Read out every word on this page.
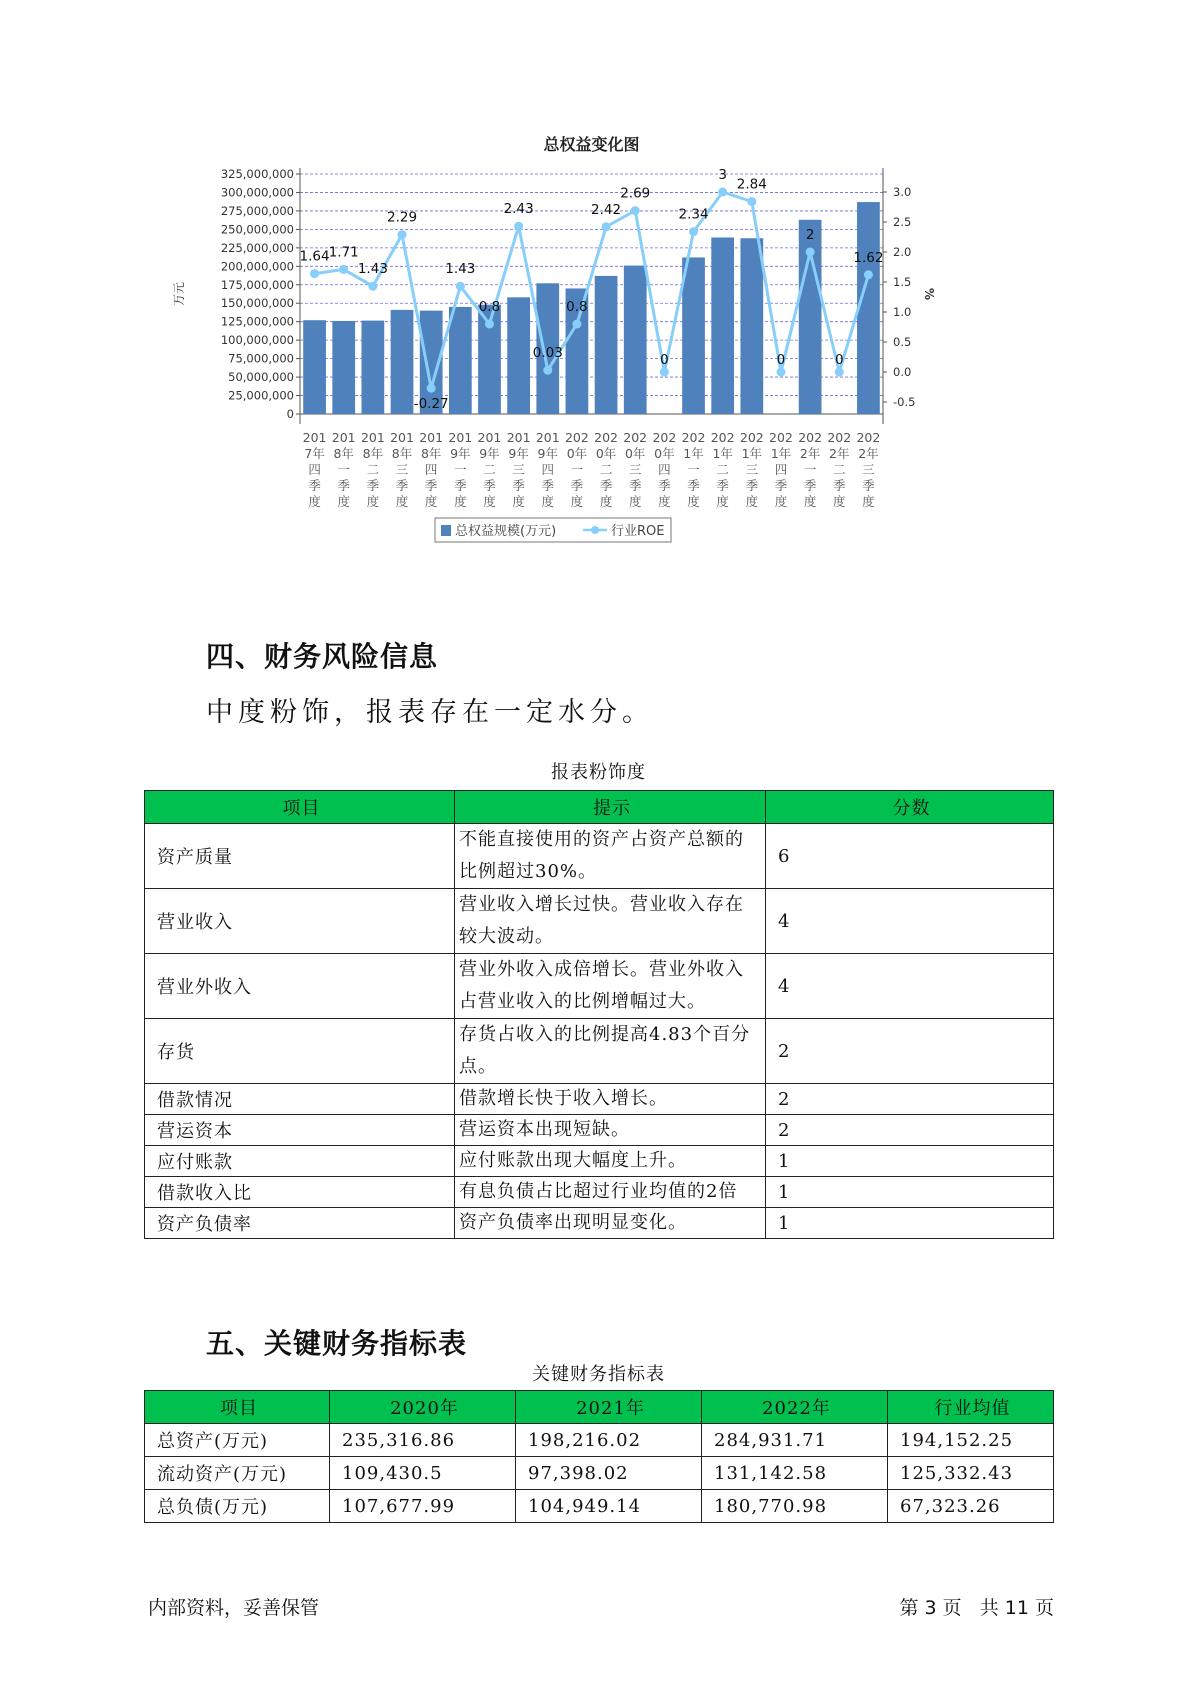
总权益变化图
0
25,000,000
50,000,000
75,000,000
100,000,000
125,000,000
150,000,000
175,000,000
200,000,000
225,000,000
250,000,000
275,000,000
300,000,000
325,000,000
-0.5
0.0
0.5
1.0
1.5
2.0
2.5
3.0
万元	%
201
7年
四
季
度
201
8年
一
季
度
201
8年
二
季
度
201
8年
三
季
度
201
8年
四
季
度
201
9年
一
季
度
201
9年
二
季
度
201
9年
三
季
度
201
9年
四
季
度
202
0年
一
季
度
202
0年
二
季
度
202
0年
三
季
度
202
0年
四
季
度
202
1年
一
季
度
202
1年
二
季
度
202
1年
三
季
度
202
1年
四
季
度
202
2年
一
季
度
202
2年
二
季
度
202
2年
三
季
度
1.64 1.71
1.43
2.29
-0.27
1.43
0.8
2.43
0.03
0.8
2.42
2.69
0
2.34
3
2.84
0
2
0
1.62
总权益规模(万元)	行业ROE
四、财务风险信息
中度粉饰，报表存在一定水分。
报表粉饰度
项目	提示	分数
资产质量	不能直接使用的资产占资产总额的比例超过30%。	6
营业收入	营业收入增长过快。营业收入存在较大波动。	4
营业外收入	营业外收入成倍增长。营业外收入占营业收入的比例增幅过大。	4
存货	存货占收入的比例提高4.83个百分点。	2
借款情况	借款增长快于收入增长。	2
营运资本	营运资本出现短缺。	2
应付账款	应付账款出现大幅度上升。	1
借款收入比	有息负债占比超过行业均值的2倍	1
资产负债率	资产负债率出现明显变化。	1
五、关键财务指标表
关键财务指标表
项目	2020年	2021年	2022年	行业均值
总资产(万元)	235,316.86	198,216.02	284,931.71	194,152.25
流动资产(万元)	109,430.5	97,398.02	131,142.58	125,332.43
总负债(万元)	107,677.99	104,949.14	180,770.98	67,323.26
内部资料，妥善保管	第 3 页   共 11 页
